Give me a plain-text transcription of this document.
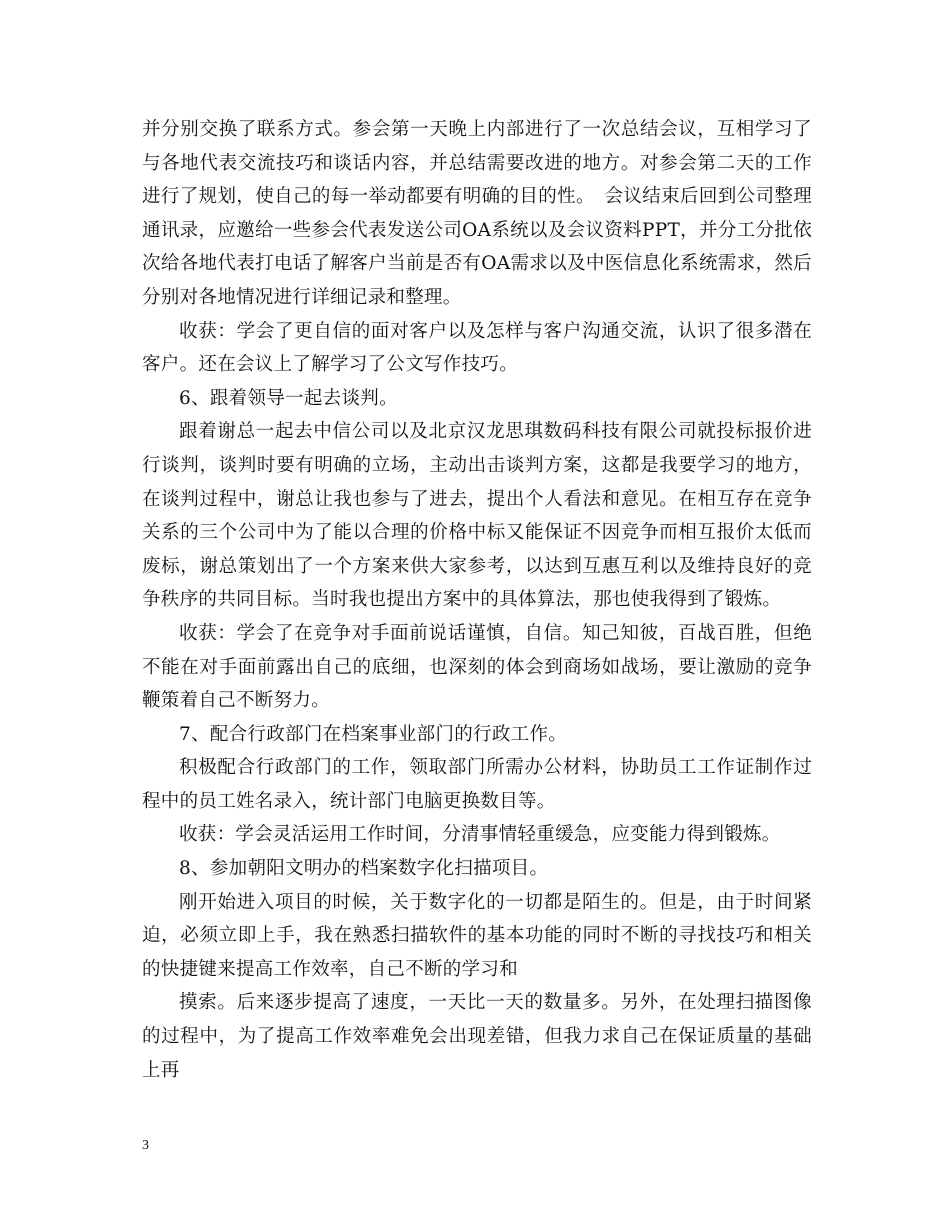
并分别交换了联系方式。参会第一天晚上内部进行了一次总结会议，互相学习了与各地代表交流技巧和谈话内容，并总结需要改进的地方。对参会第二天的工作进行了规划，使自己的每一举动都要有明确的目的性。　会议结束后回到公司整理通讯录，应邀给一些参会代表发送公司OA系统以及会议资料PPT，并分工分批依次给各地代表打电话了解客户当前是否有OA需求以及中医信息化系统需求，然后分别对各地情况进行详细记录和整理。

收获：学会了更自信的面对客户以及怎样与客户沟通交流，认识了很多潜在客户。还在会议上了解学习了公文写作技巧。

6、跟着领导一起去谈判。

跟着谢总一起去中信公司以及北京汉龙思琪数码科技有限公司就投标报价进行谈判，谈判时要有明确的立场，主动出击谈判方案，这都是我要学习的地方，在谈判过程中，谢总让我也参与了进去，提出个人看法和意见。在相互存在竞争关系的三个公司中为了能以合理的价格中标又能保证不因竞争而相互报价太低而废标，谢总策划出了一个方案来供大家参考，以达到互惠互利以及维持良好的竞争秩序的共同目标。当时我也提出方案中的具体算法，那也使我得到了锻炼。

收获：学会了在竞争对手面前说话谨慎，自信。知己知彼，百战百胜，但绝不能在对手面前露出自己的底细，也深刻的体会到商场如战场，要让激励的竞争鞭策着自己不断努力。

7、配合行政部门在档案事业部门的行政工作。

积极配合行政部门的工作，领取部门所需办公材料，协助员工工作证制作过程中的员工姓名录入，统计部门电脑更换数目等。

收获：学会灵活运用工作时间，分清事情轻重缓急，应变能力得到锻炼。

8、参加朝阳文明办的档案数字化扫描项目。

刚开始进入项目的时候，关于数字化的一切都是陌生的。但是，由于时间紧迫，必须立即上手，我在熟悉扫描软件的基本功能的同时不断的寻找技巧和相关的快捷键来提高工作效率，自己不断的学习和

摸索。后来逐步提高了速度，一天比一天的数量多。另外，在处理扫描图像的过程中，为了提高工作效率难免会出现差错，但我力求自己在保证质量的基础上再

3
